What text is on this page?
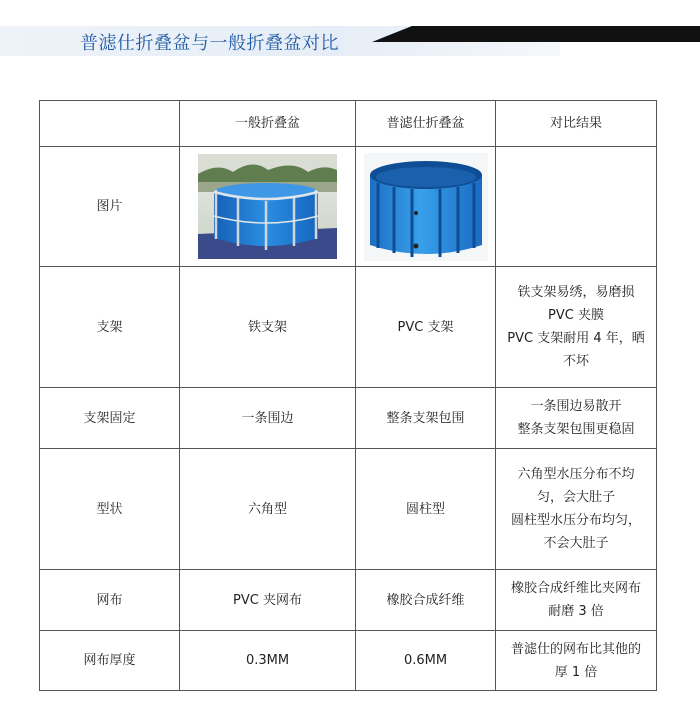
普滤仕折叠盆与一般折叠盆对比
	一般折叠盆	普滤仕折叠盆	对比结果
图片	

支架	铁支架	PVC 支架	铁支架易绣，易磨损
PVC 夹膜
PVC 支架耐用 4 年，晒
不坏

支架固定	一条围边	整条支架包围	一条围边易散开
整条支架包围更稳固

型状	六角型	圆柱型	六角型水压分布不均
匀，会大肚子
圆柱型水压分布均匀，
不会大肚子

网布	PVC 夹网布	橡胶合成纤维	橡胶合成纤维比夹网布
耐磨 3 倍

网布厚度	0.3MM	0.6MM	普滤仕的网布比其他的
厚 1 倍
